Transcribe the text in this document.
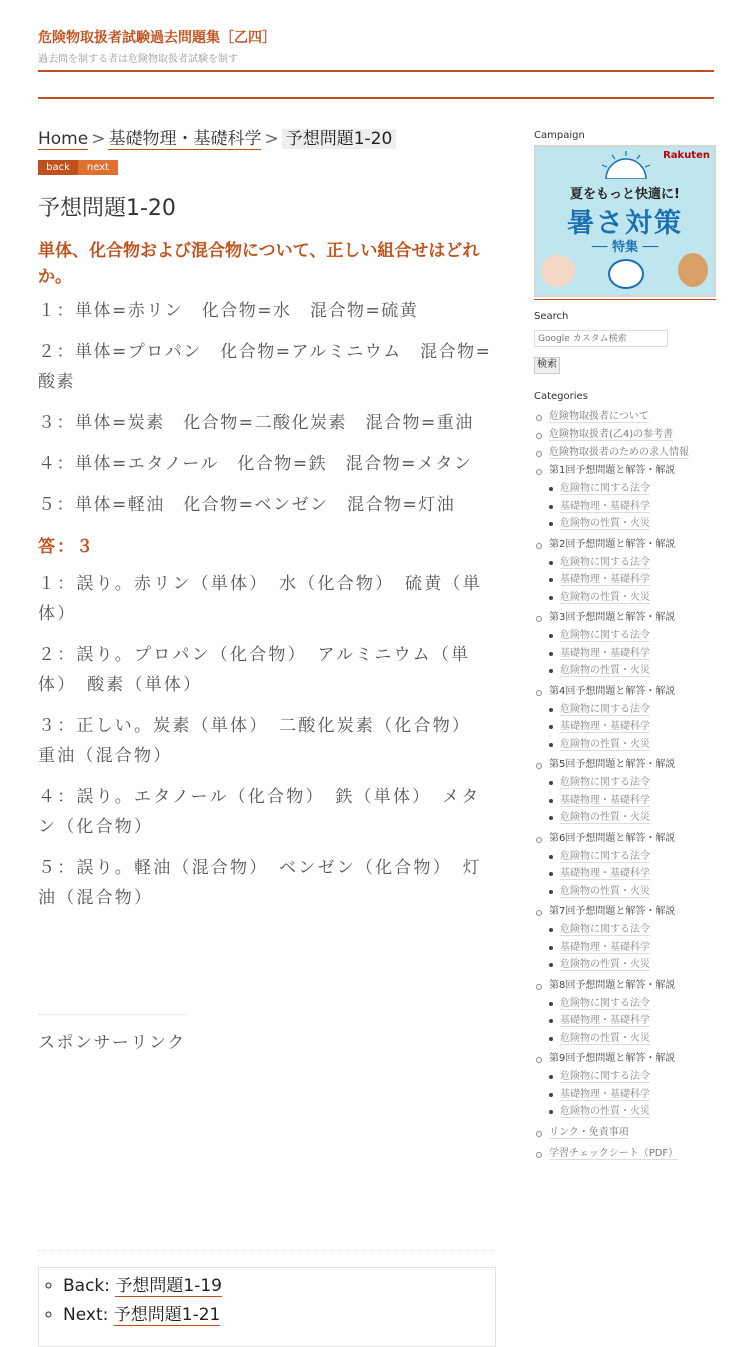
危険物取扱者試験過去問題集［乙四］
過去問を制する者は危険物取扱者試験を制す
Home > 基礎物理・基礎科学 > 予想問題1-20
back	next
予想問題1-20
単体、化合物および混合物について、正しい組合せはどれか。
１：単体=赤リン　化合物=水　混合物=硫黄
２：単体=プロパン　化合物=アルミニウム　混合物=酸素
３：単体=炭素　化合物=二酸化炭素　混合物=重油
４：単体=エタノール　化合物=鉄　混合物=メタン
５：単体=軽油　化合物=ベンゼン　混合物=灯油
答：３
１：誤り。赤リン（単体）　水（化合物）　硫黄（単体）
２：誤り。プロパン（化合物）　アルミニウム（単体）　酸素（単体）
３：正しい。炭素（単体）　二酸化炭素（化合物）　重油（混合物）
４：誤り。エタノール（化合物）　鉄（単体）　メタン（化合物）
５：誤り。軽油（混合物）　ベンゼン（化合物）　灯油（混合物）
スポンサーリンク
◦ Back: 予想問題1-19
◦ Next: 予想問題1-21
Campaign
Rakuten
夏をもっと快適に!
暑さ対策
── 特集 ──
Search
Google カスタム検索
検索
Categories
危険物取扱者について
危険物取扱者(乙4)の参考書
危険物取扱者のための求人情報
第1回予想問題と解答・解説
危険物に関する法令
基礎物理・基礎科学
危険物の性質・火災
第2回予想問題と解答・解説
危険物に関する法令
基礎物理・基礎科学
危険物の性質・火災
第3回予想問題と解答・解説
危険物に関する法令
基礎物理・基礎科学
危険物の性質・火災
第4回予想問題と解答・解説
危険物に関する法令
基礎物理・基礎科学
危険物の性質・火災
第5回予想問題と解答・解説
危険物に関する法令
基礎物理・基礎科学
危険物の性質・火災
第6回予想問題と解答・解説
危険物に関する法令
基礎物理・基礎科学
危険物の性質・火災
第7回予想問題と解答・解説
危険物に関する法令
基礎物理・基礎科学
危険物の性質・火災
第8回予想問題と解答・解説
危険物に関する法令
基礎物理・基礎科学
危険物の性質・火災
第9回予想問題と解答・解説
危険物に関する法令
基礎物理・基礎科学
危険物の性質・火災
リンク・免責事項
学習チェックシート（PDF）
